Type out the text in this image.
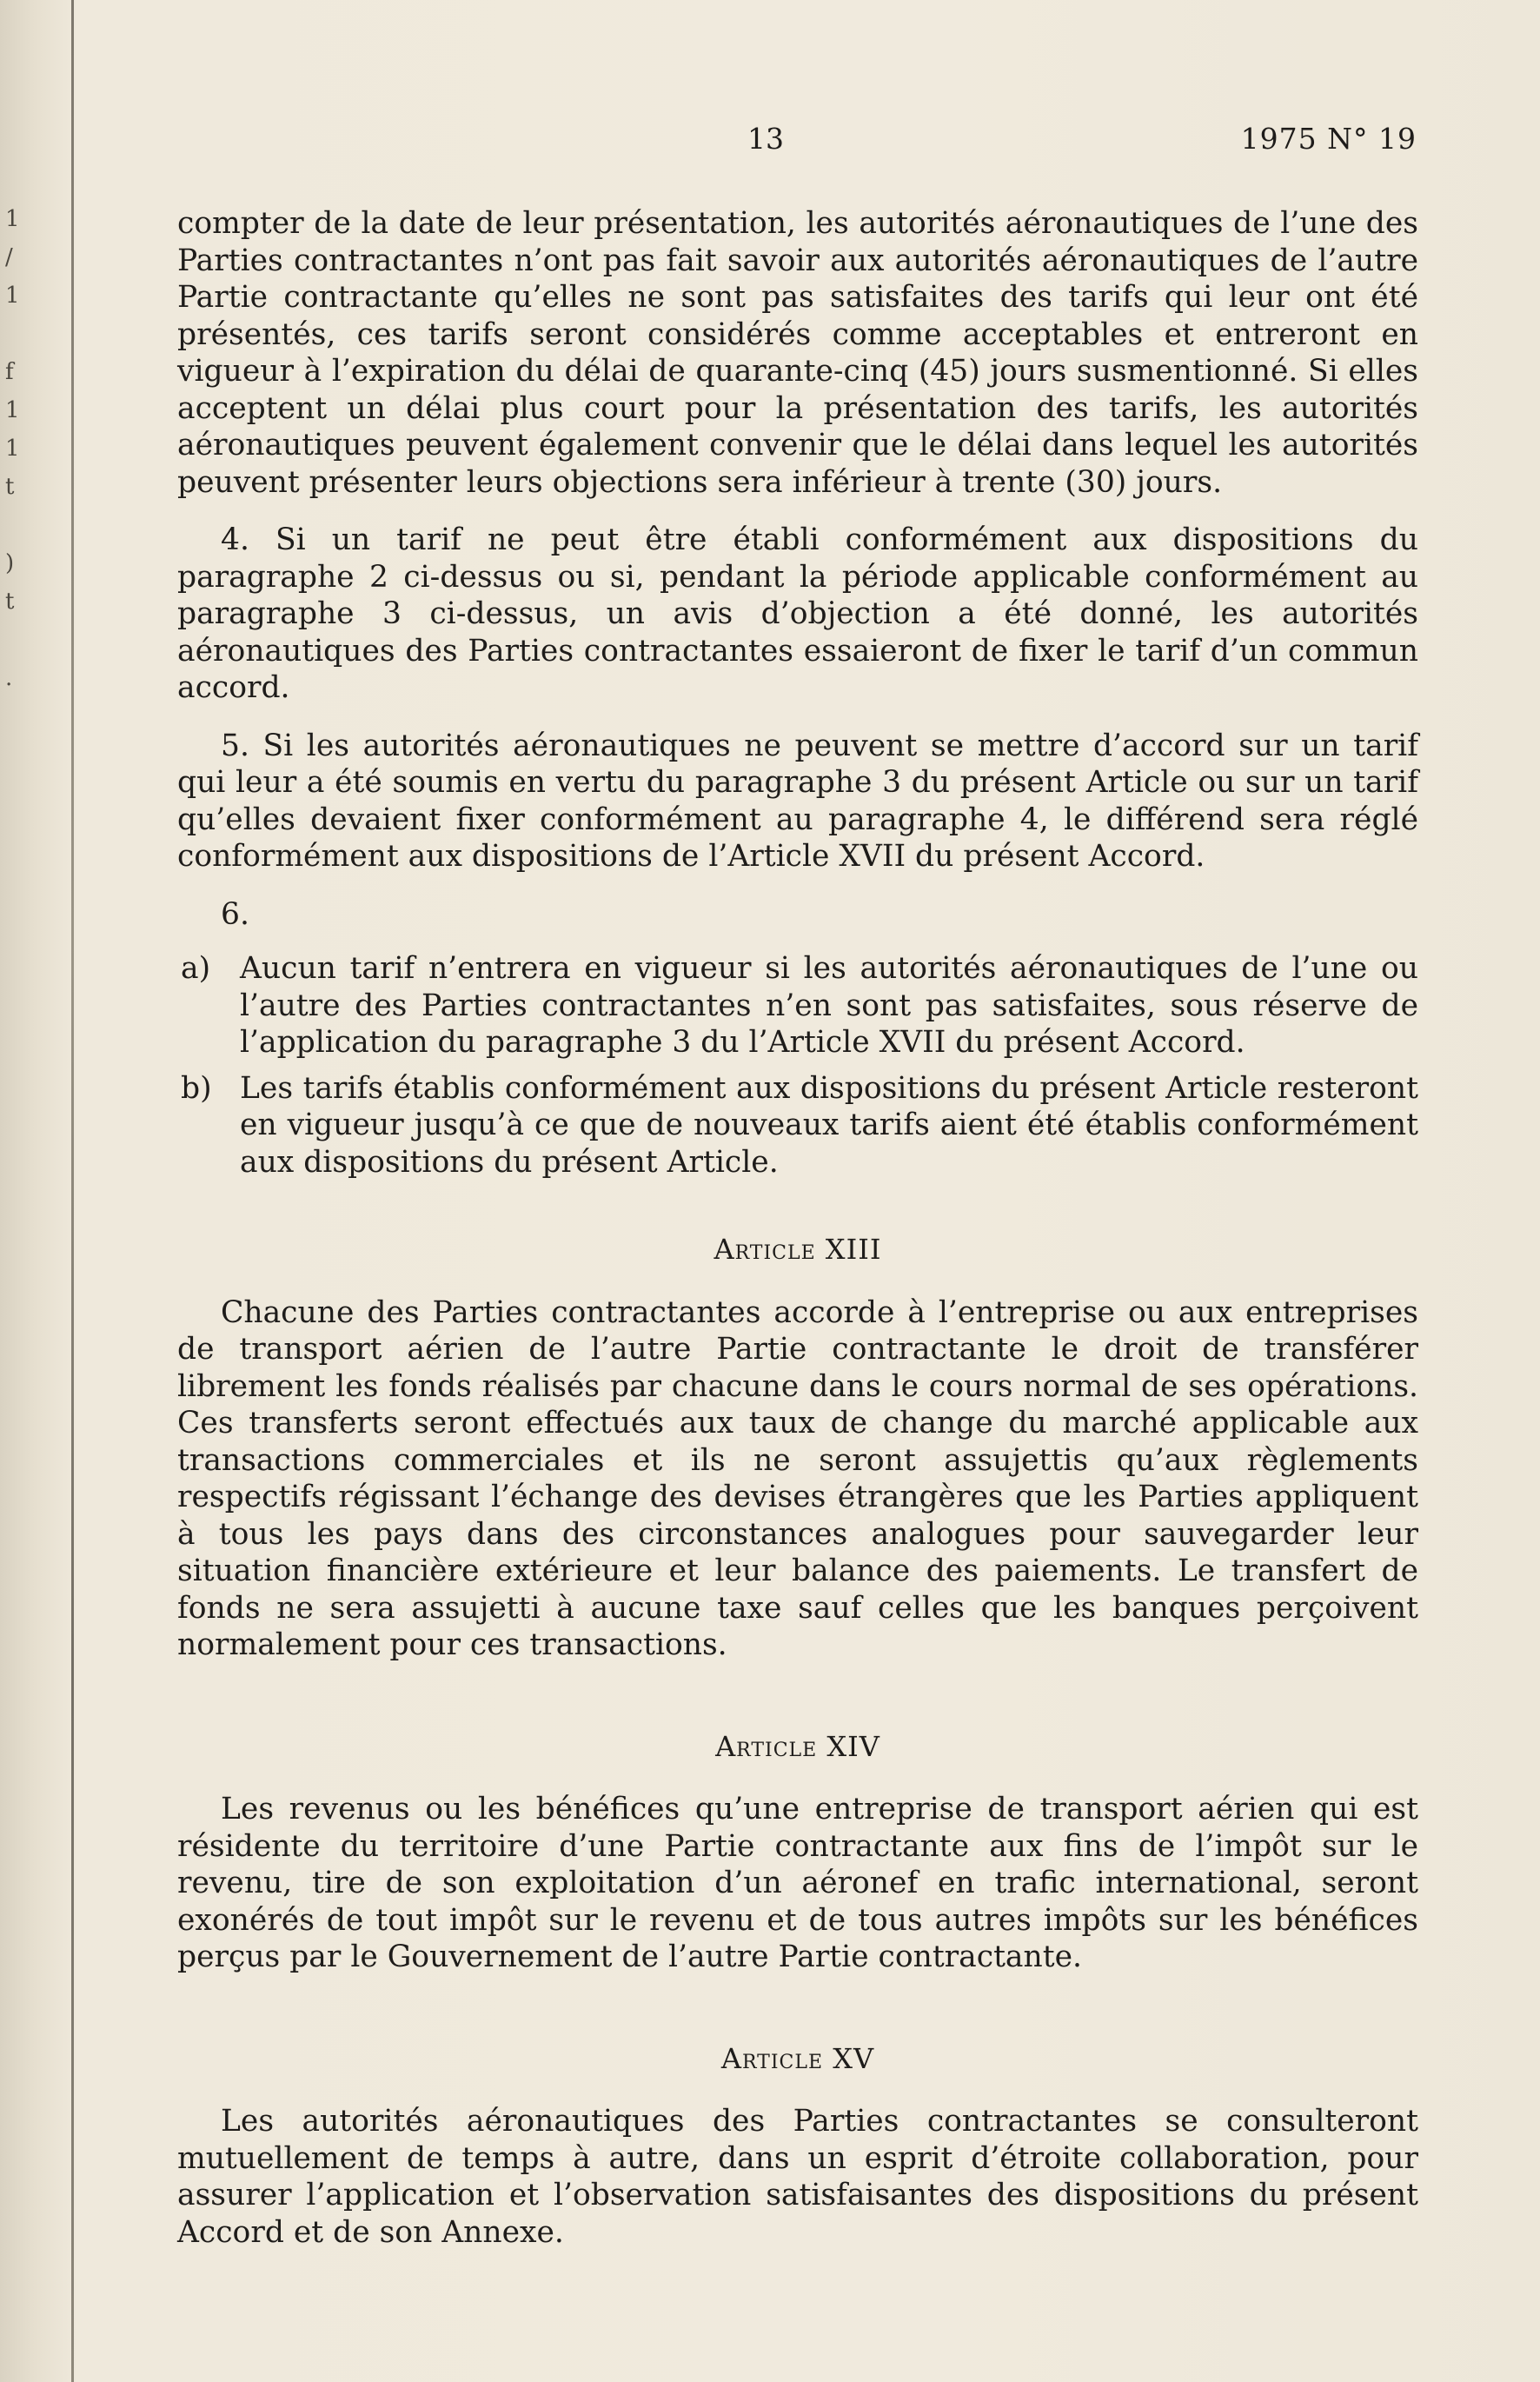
1
/
1
f
1
1
t
)
t
.
13	1975 N° 19

compter de la date de leur présentation, les autorités aéronautiques de l’une des Parties contractantes n’ont pas fait savoir aux autorités aéronautiques de l’autre Partie contractante qu’elles ne sont pas satisfaites des tarifs qui leur ont été présentés, ces tarifs seront considérés comme acceptables et entreront en vigueur à l’expiration du délai de quarante-cinq (45) jours susmentionné. Si elles acceptent un délai plus court pour la présentation des tarifs, les autorités aéronautiques peuvent également convenir que le délai dans lequel les autorités peuvent présenter leurs objections sera inférieur à trente (30) jours.

4. Si un tarif ne peut être établi conformément aux dispositions du paragraphe 2 ci-dessus ou si, pendant la période applicable conformément au paragraphe 3 ci-dessus, un avis d’objection a été donné, les autorités aéronautiques des Parties contractantes essaieront de fixer le tarif d’un commun accord.

5. Si les autorités aéronautiques ne peuvent se mettre d’accord sur un tarif qui leur a été soumis en vertu du paragraphe 3 du présent Article ou sur un tarif qu’elles devaient fixer conformément au paragraphe 4, le différend sera réglé conformément aux dispositions de l’Article XVII du présent Accord.

6.

a) Aucun tarif n’entrera en vigueur si les autorités aéronautiques de l’une ou l’autre des Parties contractantes n’en sont pas satisfaites, sous réserve de l’application du paragraphe 3 du l’Article XVII du présent Accord.
b) Les tarifs établis conformément aux dispositions du présent Article resteront en vigueur jusqu’à ce que de nouveaux tarifs aient été établis conformément aux dispositions du présent Article.

Article XIII

Chacune des Parties contractantes accorde à l’entreprise ou aux entreprises de transport aérien de l’autre Partie contractante le droit de transférer librement les fonds réalisés par chacune dans le cours normal de ses opérations. Ces transferts seront effectués aux taux de change du marché applicable aux transactions commerciales et ils ne seront assujettis qu’aux règlements respectifs régissant l’échange des devises étrangères que les Parties appliquent à tous les pays dans des circonstances analogues pour sauvegarder leur situation financière extérieure et leur balance des paiements. Le transfert de fonds ne sera assujetti à aucune taxe sauf celles que les banques perçoivent normalement pour ces transactions.

Article XIV

Les revenus ou les bénéfices qu’une entreprise de transport aérien qui est résidente du territoire d’une Partie contractante aux fins de l’impôt sur le revenu, tire de son exploitation d’un aéronef en trafic international, seront exonérés de tout impôt sur le revenu et de tous autres impôts sur les bénéfices perçus par le Gouvernement de l’autre Partie contractante.

Article XV

Les autorités aéronautiques des Parties contractantes se consulteront mutuellement de temps à autre, dans un esprit d’étroite collaboration, pour assurer l’application et l’observation satisfaisantes des dispositions du présent Accord et de son Annexe.
